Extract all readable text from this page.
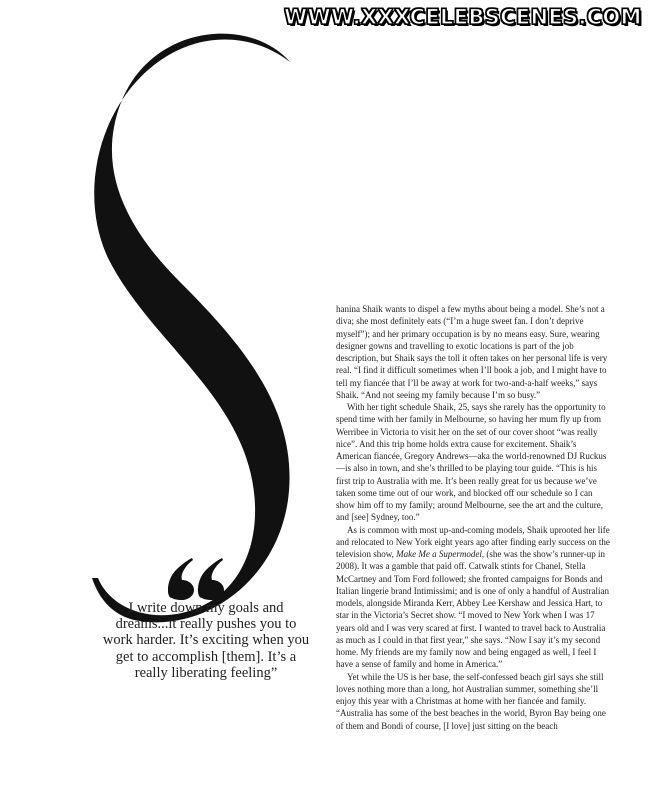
WWW.XXXCELEBSCENES.COM
I write down my goals and dreams...it really pushes you to work harder. It’s exciting when you get to accomplish [them]. It’s a really liberating feeling”

hanina Shaik wants to dispel a few myths about being a model. She’s not a diva; she most definitely eats (“I’m a huge sweet fan. I don’t deprive myself”); and her primary occupation is by no means easy. Sure, wearing designer gowns and travelling to exotic locations is part of the job description, but Shaik says the toll it often takes on her personal life is very real. “I find it difficult sometimes when I’ll book a job, and I might have to tell my fiancée that I’ll be away at work for two-and-a-half weeks,” says Shaik. “And not seeing my family because I’m so busy.”

With her tight schedule Shaik, 25, says she rarely has the opportunity to spend time with her family in Melbourne, so having her mum fly up from Werribee in Victoria to visit her on the set of our cover shoot “was really nice”. And this trip home holds extra cause for excitement. Shaik’s American fiancée, Gregory Andrews—aka the world-renowned DJ Ruckus—is also in town, and she’s thrilled to be playing tour guide. “This is his first trip to Australia with me. It’s been really great for us because we’ve taken some time out of our work, and blocked off our schedule so I can show him off to my family; around Melbourne, see the art and the culture, and [see] Sydney, too.”

As is common with most up-and-coming models, Shaik uprooted her life and relocated to New York eight years ago after finding early success on the television show, Make Me a Supermodel, (she was the show’s runner-up in 2008). It was a gamble that paid off. Catwalk stints for Chanel, Stella McCartney and Tom Ford followed; she fronted campaigns for Bonds and Italian lingerie brand Intimissimi; and is one of only a handful of Australian models, alongside Miranda Kerr, Abbey Lee Kershaw and Jessica Hart, to star in the Victoria’s Secret show. “I moved to New York when I was 17 years old and I was very scared at first. I wanted to travel back to Australia as much as I could in that first year,” she says. “Now I say it’s my second home. My friends are my family now and being engaged as well, I feel I have a sense of family and home in America.”

Yet while the US is her base, the self-confessed beach girl says she still loves nothing more than a long, hot Australian summer, something she’ll enjoy this year with a Christmas at home with her fiancée and family. “Australia has some of the best beaches in the world, Byron Bay being one of them and Bondi of course, [I love] just sitting on the beach
